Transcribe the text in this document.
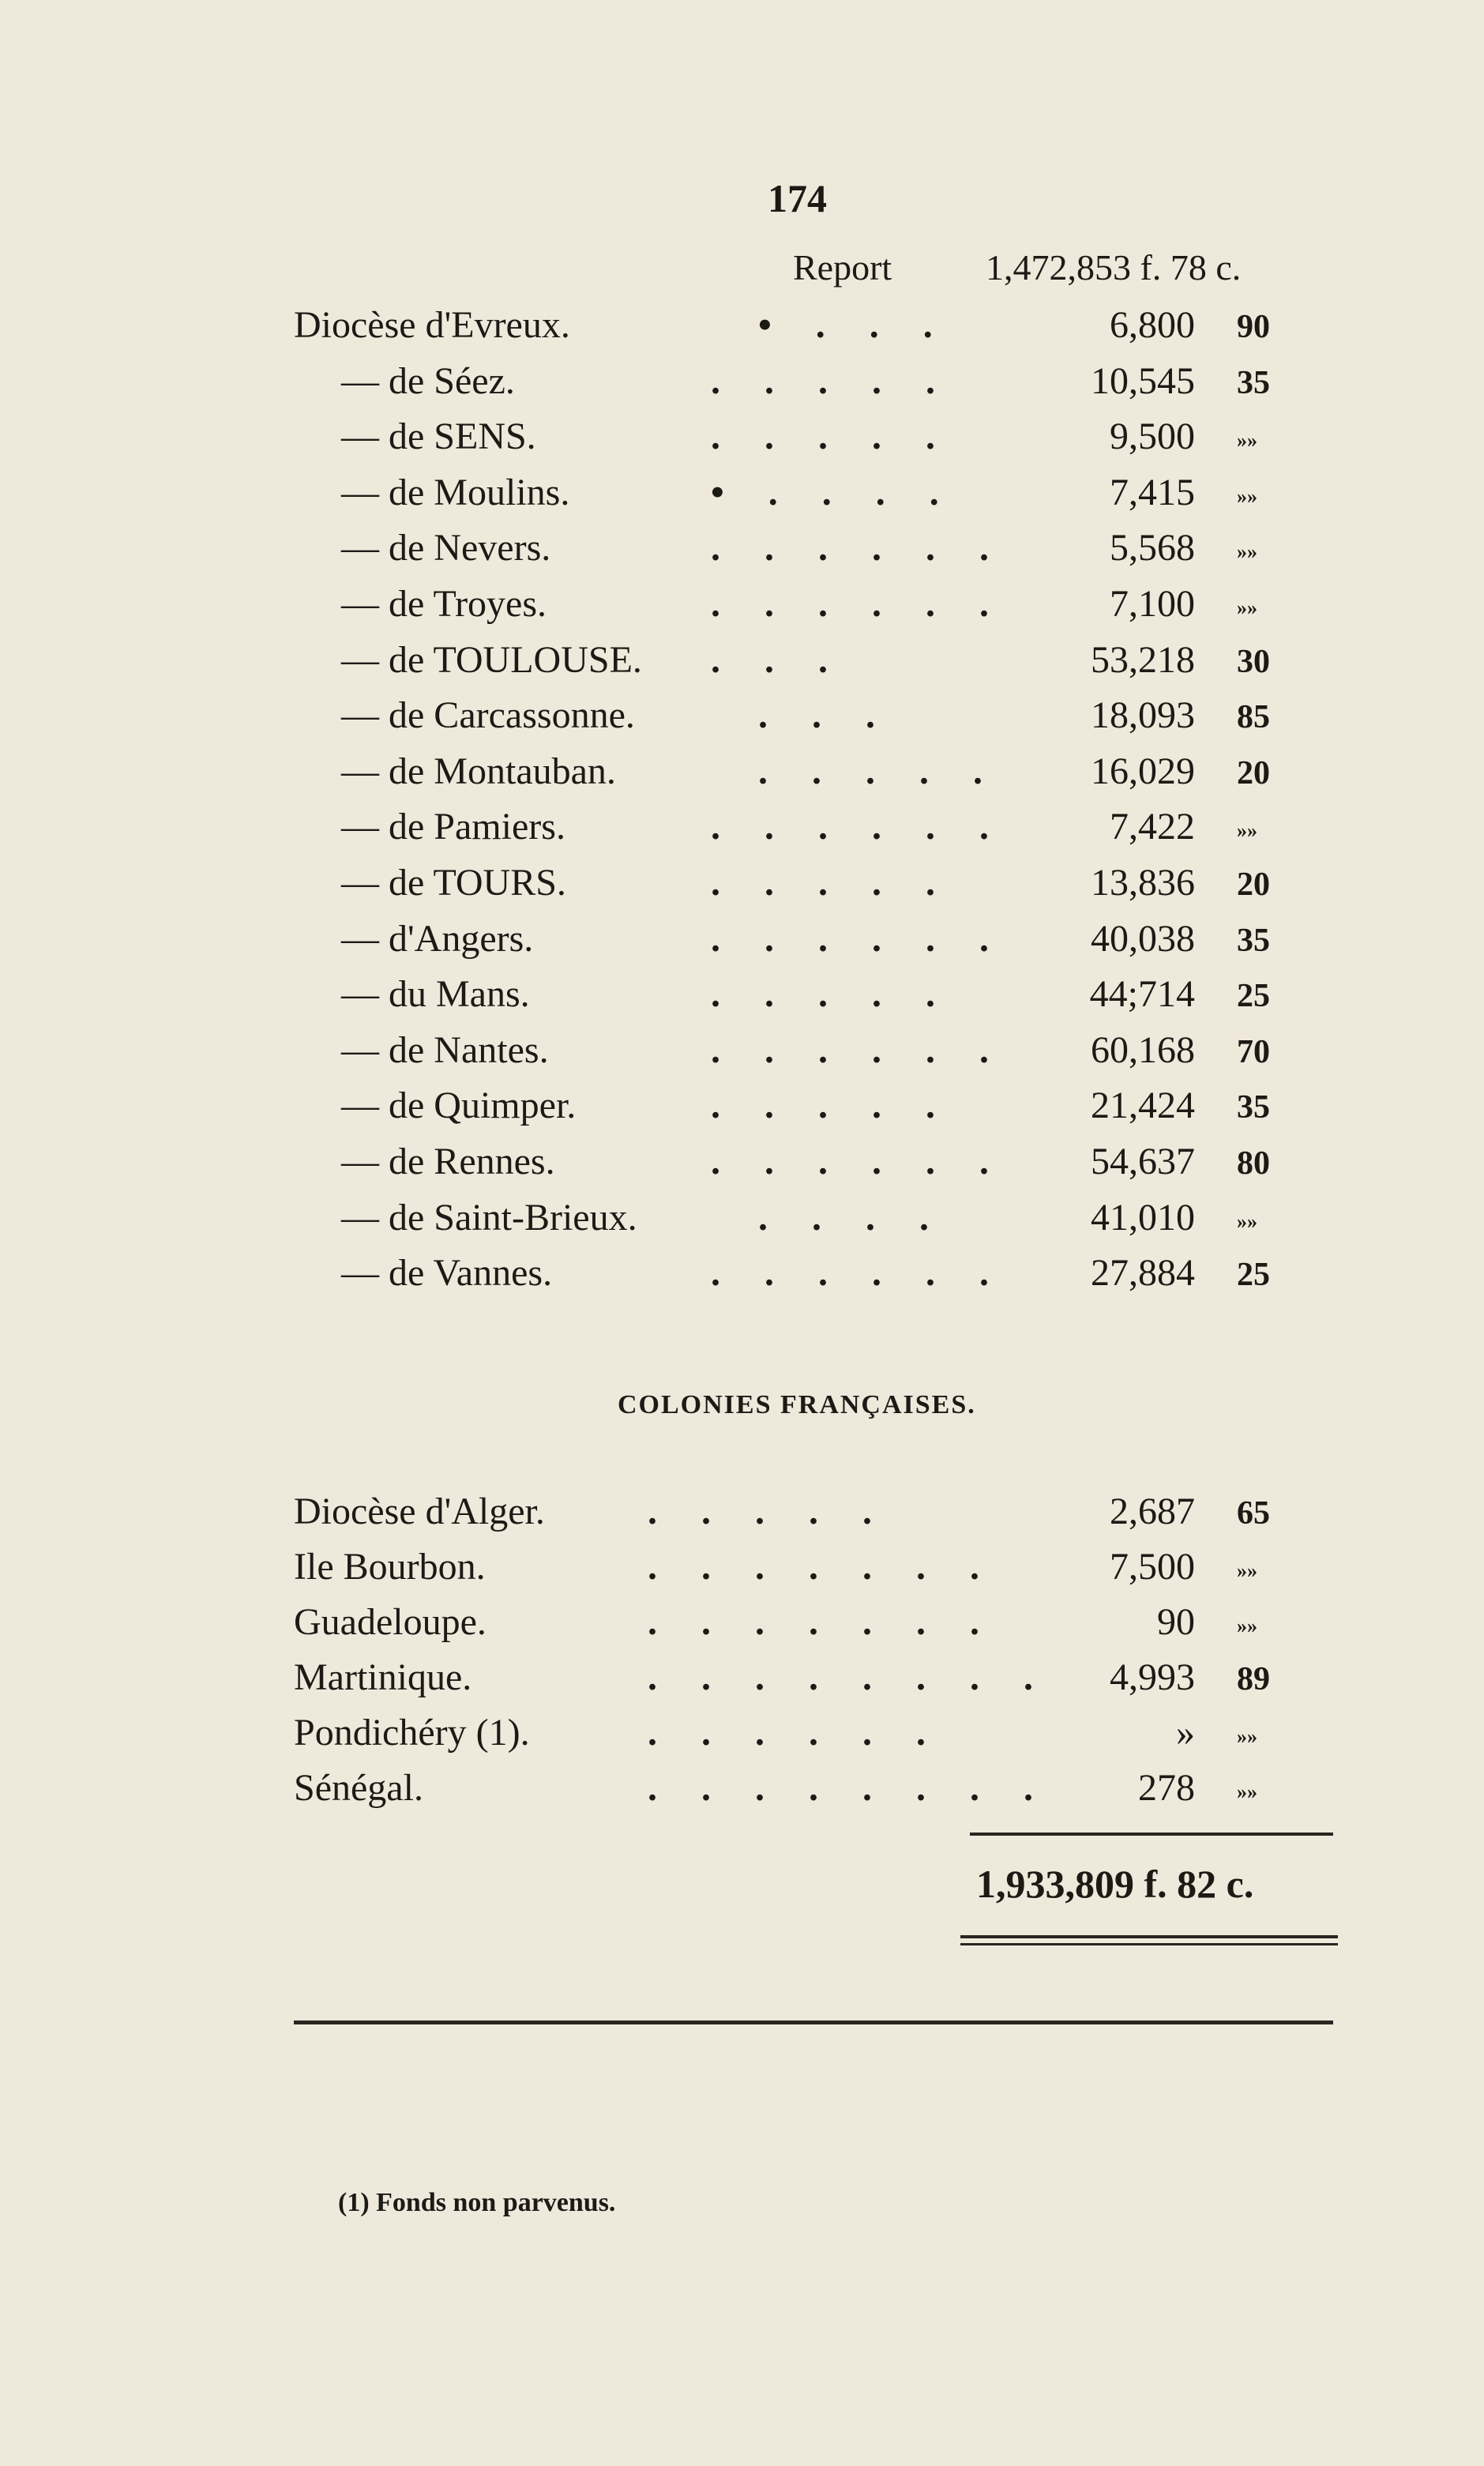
174
Report	1,472,853 f. 78 c.
Diocèse d'Evreux.	• . . .	6,800 90
— de Séez.	. . . . .	10,545 35
— de SENS.	. . . . .	9,500 »»
— de Moulins.	• . . . .	7,415 »»
— de Nevers.	. . . . . .	5,568 »»
— de Troyes.	. . . . . .	7,100 »»
— de TOULOUSE. . . .	53,218 30
— de Carcassonne.	. . .	18,093 85
— de Montauban.	. . . . . 16,029 20
— de Pamiers.	. . . . . .	7,422 »»
— de TOURS.	. . . . .	13,836 20
— d'Angers.	. . . . . . 40,038 35
— du Mans.	. . . . .	44;714 25
— de Nantes.	. . . . . . 60,168 70
— de Quimper.	. . . . .	21,424 35
— de Rennes.	. . . . . . 54,637 80
— de Saint-Brieux.	. . . .	41,010 »»
— de Vannes.	. . . . . . 27,884 25
COLONIES FRANÇAISES.
Diocèse d'Alger.	. . . . .	2,687 65
Ile Bourbon.	. . . . . . .	7,500 »»
Guadeloupe.	. . . . . . .	90 »»
Martinique.	. . . . . . . . 4,993 89
Pondichéry (1).	. . . . . .	» »»
Sénégal.	. . . . . . . . 278 »»
1,933,809 f. 82 c.
(1) Fonds non parvenus.
